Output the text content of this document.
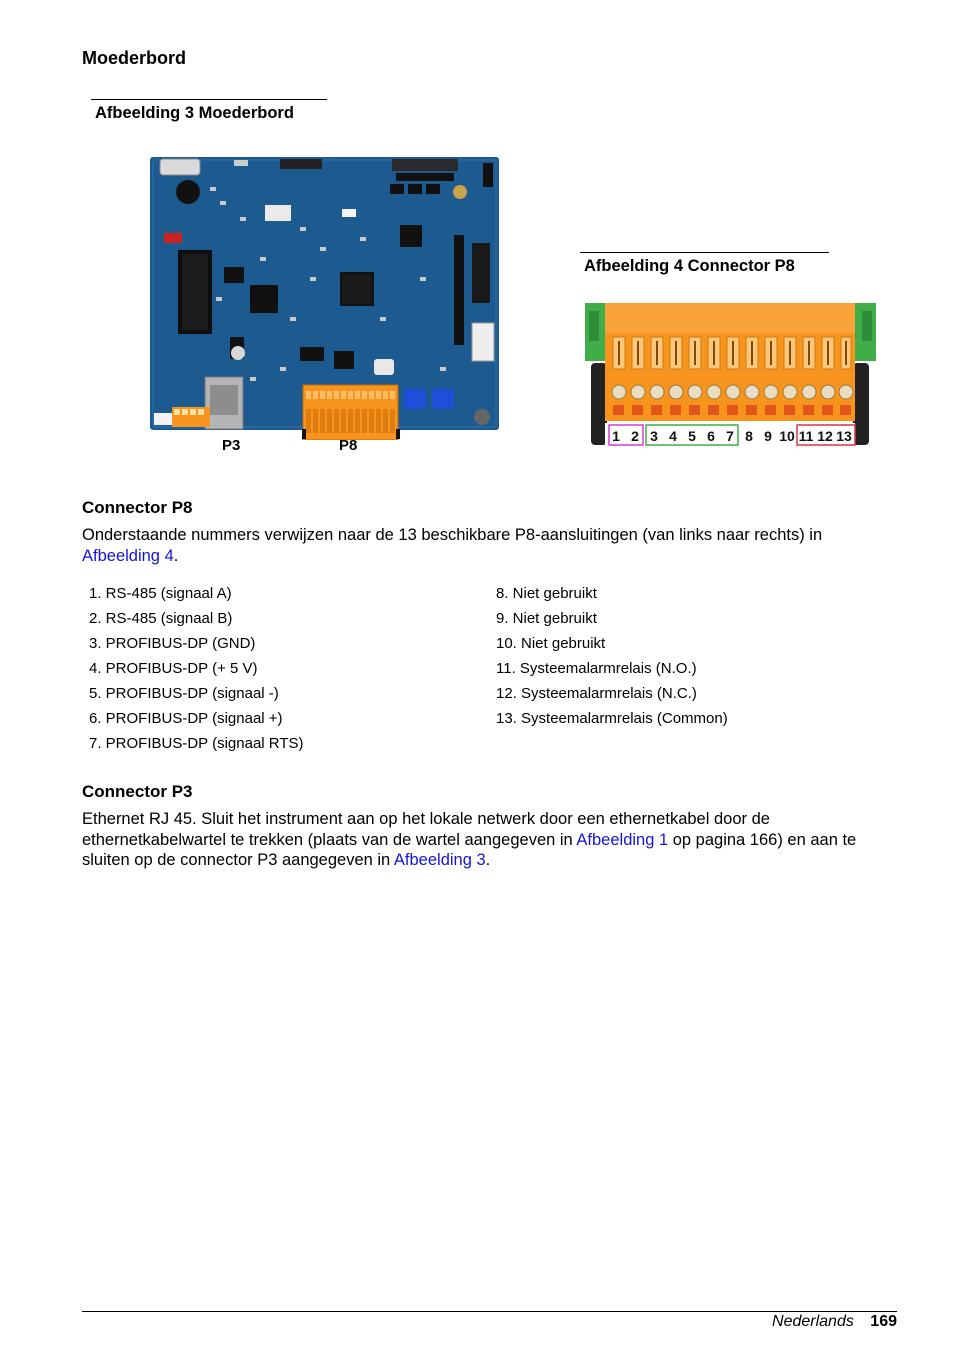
Moederbord
Afbeelding 3 Moederbord
P3	P8
Afbeelding 4 Connector P8
1 2 3 4 5 6 7 8 9 10 11 12 13
Connector P8
Onderstaande nummers verwijzen naar de 13 beschikbare P8-aansluitingen (van links naar rechts) in Afbeelding 4.
1. RS-485 (signaal A)
2. RS-485 (signaal B)
3. PROFIBUS-DP (GND)
4. PROFIBUS-DP (+ 5 V)
5. PROFIBUS-DP (signaal -)
6. PROFIBUS-DP (signaal +)
7. PROFIBUS-DP (signaal RTS)
8. Niet gebruikt
9. Niet gebruikt
10. Niet gebruikt
11. Systeemalarmrelais (N.O.)
12. Systeemalarmrelais (N.C.)
13. Systeemalarmrelais (Common)
Connector P3
Ethernet RJ 45. Sluit het instrument aan op het lokale netwerk door een ethernetkabel door de ethernetkabelwartel te trekken (plaats van de wartel aangegeven in Afbeelding 1 op pagina 166) en aan te sluiten op de connector P3 aangegeven in Afbeelding 3.
Nederlands 169
